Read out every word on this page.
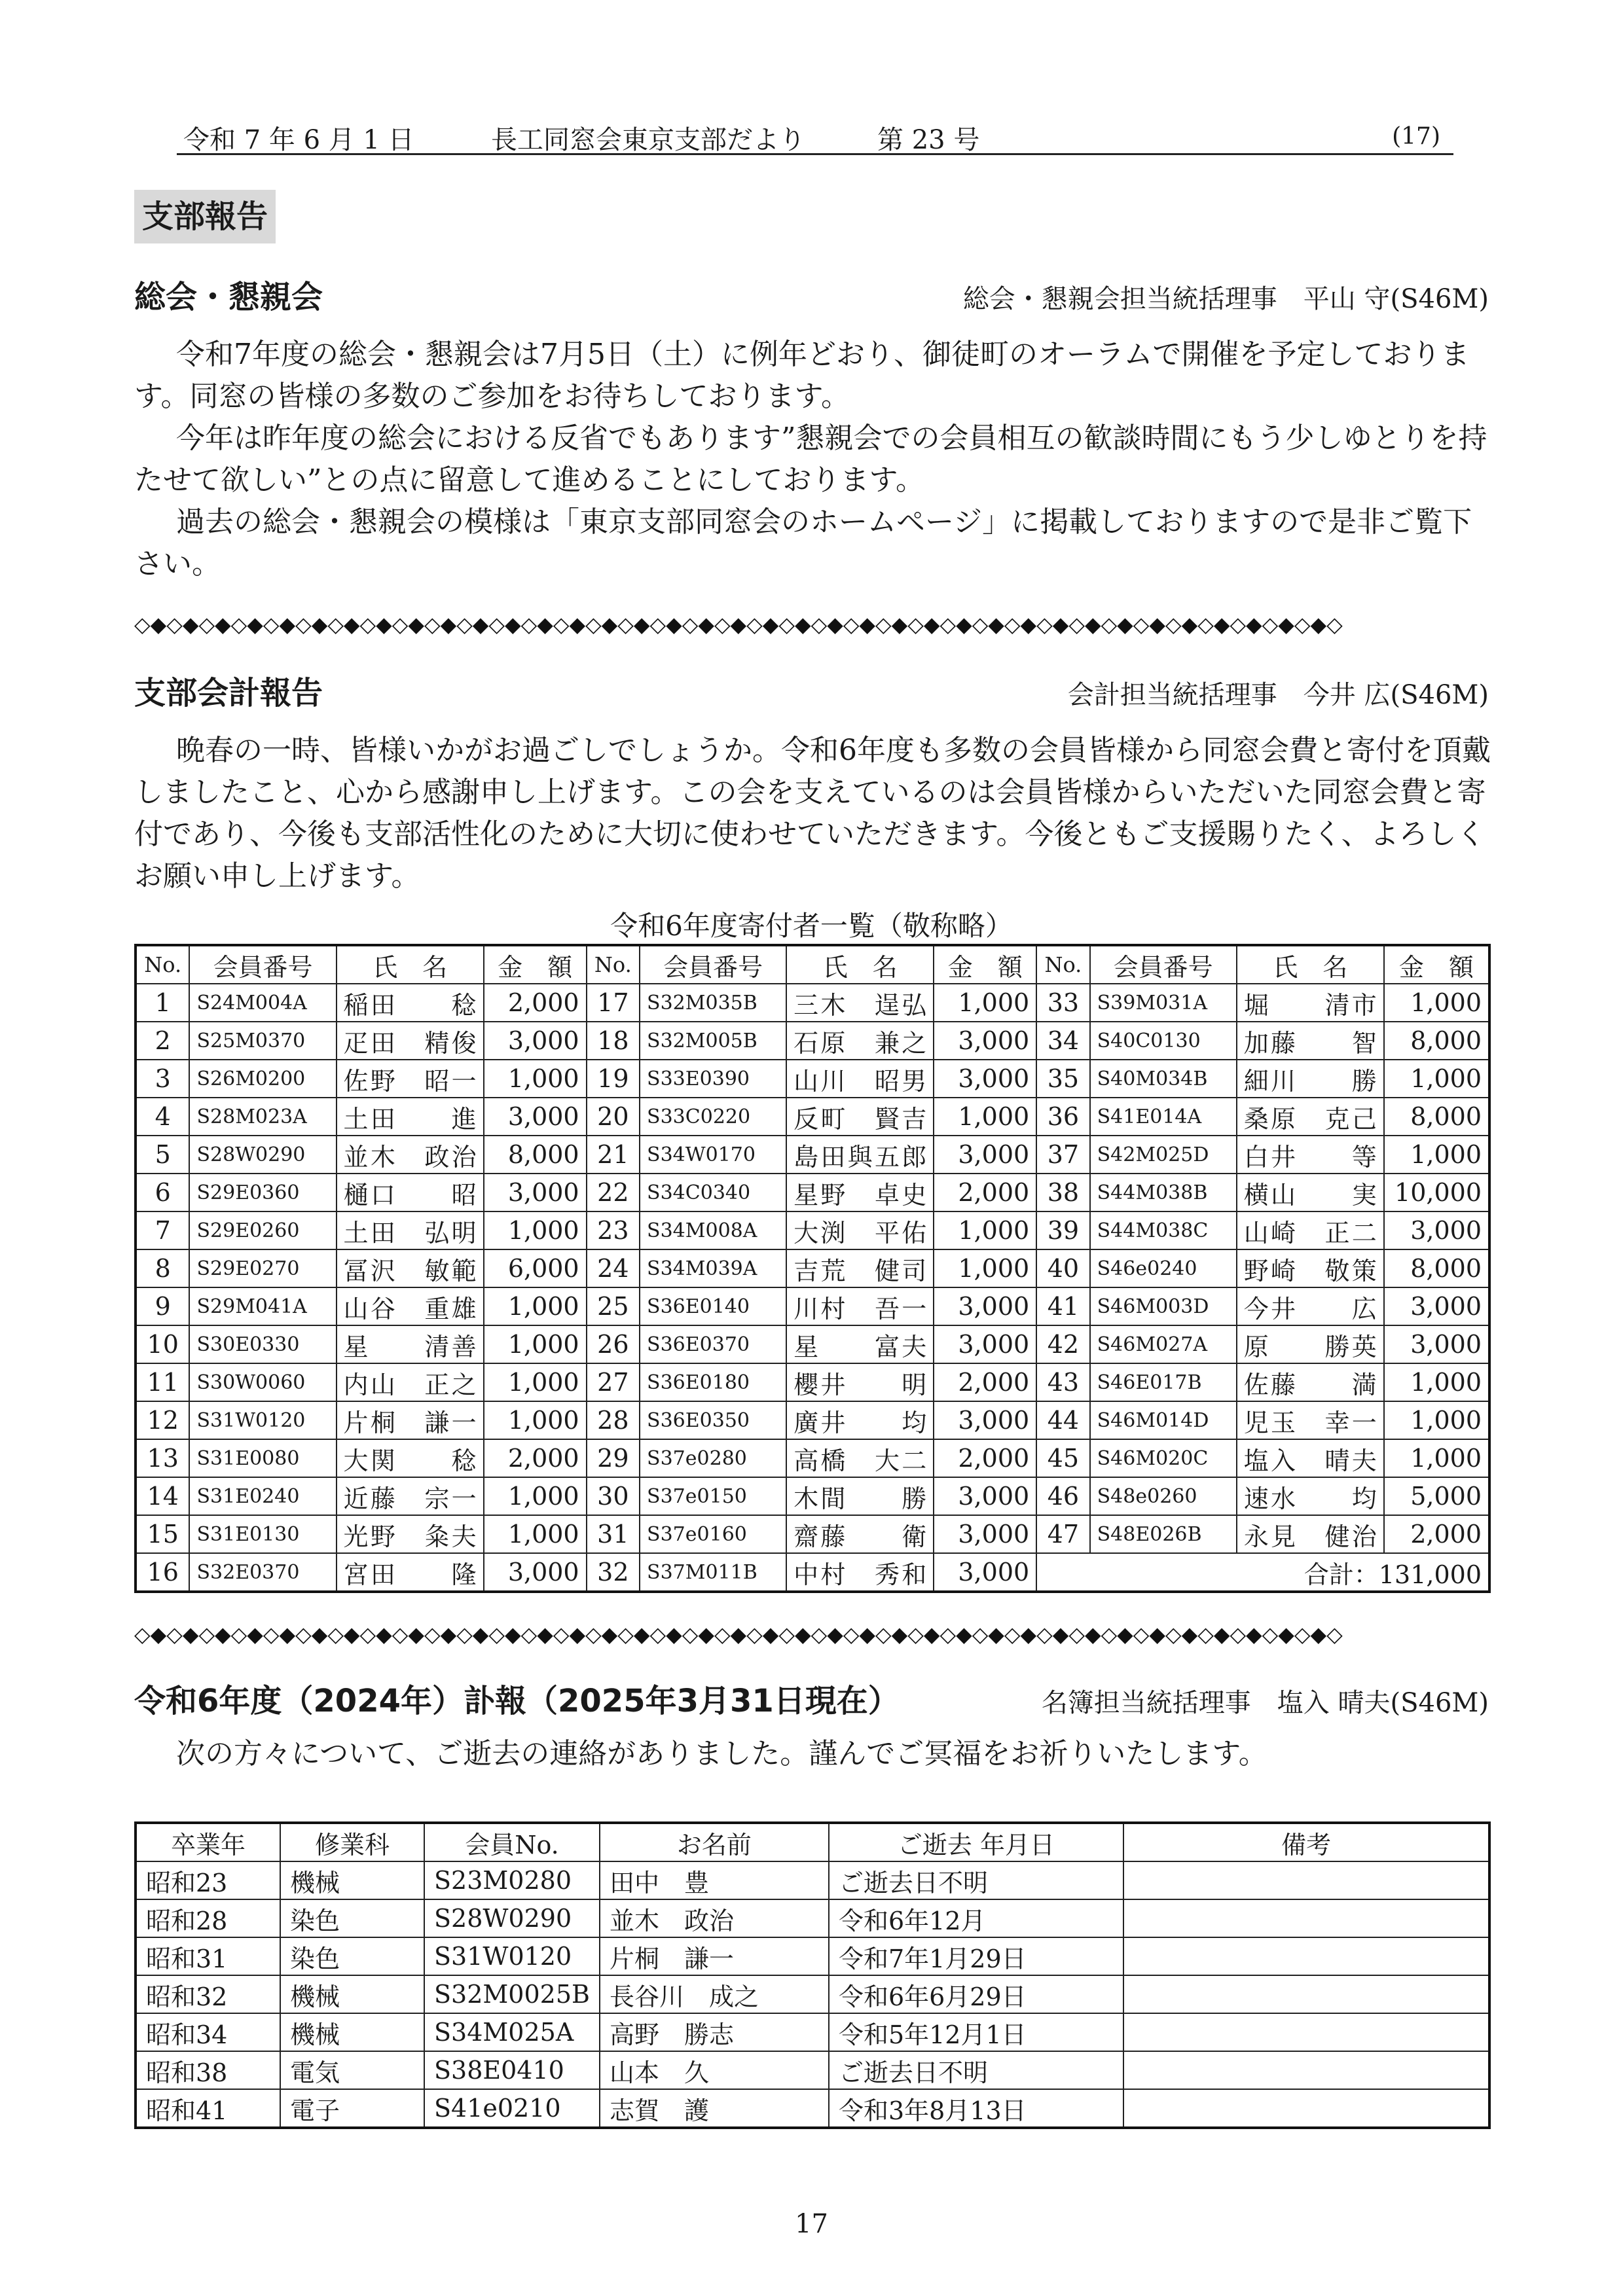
令和 7 年 6 月 1 日	長工同窓会東京支部だより	第 23 号	(17)
支部報告
総会・懇親会	総会・懇親会担当統括理事　平山 守(S46M)

令和7年度の総会・懇親会は7月5日（土）に例年どおり、御徒町のオーラムで開催を予定しております。同窓の皆様の多数のご参加をお待ちしております。

今年は昨年度の総会における反省でもあります”懇親会での会員相互の歓談時間にもう少しゆとりを持たせて欲しい”との点に留意して進めることにしております。

過去の総会・懇親会の模様は「東京支部同窓会のホームページ」に掲載しておりますので是非ご覧下さい。

◇◆◇◆◇◆◇◆◇◆◇◆◇◆◇◆◇◆◇◆◇◆◇◆◇◆◇◆◇◆◇◆◇◆◇◆◇◆◇◆◇◆◇◆◇◆◇◆◇◆◇◆◇◆◇◆◇◆◇◆◇◆◇◆◇◆◇◆◇◆◇◆◇◆◇
支部会計報告	会計担当統括理事　今井 広(S46M)

晩春の一時、皆様いかがお過ごしでしょうか。令和6年度も多数の会員皆様から同窓会費と寄付を頂戴しましたこと、心から感謝申し上げます。この会を支えているのは会員皆様からいただいた同窓会費と寄付であり、今後も支部活性化のために大切に使わせていただきます。今後ともご支援賜りたく、よろしくお願い申し上げます。

令和6年度寄付者一覧（敬称略）
No.	会員番号	氏　名	金　額	No.	会員番号	氏　名	金　額	No.	会員番号	氏　名	金　額
1	S24M004A	稲田　　稔	2,000	17	S32M035B	三木　逞弘	1,000	33	S39M031A	堀　　清市	1,000
2	S25M0370	疋田　精俊	3,000	18	S32M005B	石原　兼之	3,000	34	S40C0130	加藤　　智	8,000
3	S26M0200	佐野　昭一	1,000	19	S33E0390	山川　昭男	3,000	35	S40M034B	細川　　勝	1,000
4	S28M023A	土田　　進	3,000	20	S33C0220	反町　賢吉	1,000	36	S41E014A	桑原　克己	8,000
5	S28W0290	並木　政治	8,000	21	S34W0170	島田與五郎	3,000	37	S42M025D	白井　　等	1,000
6	S29E0360	樋口　　昭	3,000	22	S34C0340	星野　卓史	2,000	38	S44M038B	横山　　実	10,000
7	S29E0260	土田　弘明	1,000	23	S34M008A	大渕　平佑	1,000	39	S44M038C	山崎　正二	3,000
8	S29E0270	冨沢　敏範	6,000	24	S34M039A	吉荒　健司	1,000	40	S46e0240	野崎　敬策	8,000
9	S29M041A	山谷　重雄	1,000	25	S36E0140	川村　吾一	3,000	41	S46M003D	今井　　広	3,000
10	S30E0330	星　　清善	1,000	26	S36E0370	星　　富夫	3,000	42	S46M027A	原　　勝英	3,000
11	S30W0060	内山　正之	1,000	27	S36E0180	櫻井　　明	2,000	43	S46E017B	佐藤　　満	1,000
12	S31W0120	片桐　謙一	1,000	28	S36E0350	廣井　　均	3,000	44	S46M014D	児玉　幸一	1,000
13	S31E0080	大関　　稔	2,000	29	S37e0280	高橋　大二	2,000	45	S46M020C	塩入　晴夫	1,000
14	S31E0240	近藤　宗一	1,000	30	S37e0150	木間　　勝	3,000	46	S48e0260	速水　　均	5,000
15	S31E0130	光野　粂夫	1,000	31	S37e0160	齋藤　　衛	3,000	47	S48E026B	永見　健治	2,000
16	S32E0370	宮田　　隆	3,000	32	S37M011B	中村　秀和	3,000	合計：131,000			
◇◆◇◆◇◆◇◆◇◆◇◆◇◆◇◆◇◆◇◆◇◆◇◆◇◆◇◆◇◆◇◆◇◆◇◆◇◆◇◆◇◆◇◆◇◆◇◆◇◆◇◆◇◆◇◆◇◆◇◆◇◆◇◆◇◆◇◆◇◆◇◆◇◆◇
令和6年度（2024年）訃報（2025年3月31日現在）	名簿担当統括理事　塩入 晴夫(S46M)

次の方々について、ご逝去の連絡がありました。謹んでご冥福をお祈りいたします。

卒業年	修業科	会員No.	お名前	ご逝去 年月日	備考
昭和23	機械	S23M0280	田中　豊	ご逝去日不明	
昭和28	染色	S28W0290	並木　政治	令和6年12月	
昭和31	染色	S31W0120	片桐　謙一	令和7年1月29日	
昭和32	機械	S32M0025B	長谷川　成之	令和6年6月29日	
昭和34	機械	S34M025A	高野　勝志	令和5年12月1日	
昭和38	電気	S38E0410	山本　久	ご逝去日不明	
昭和41	電子	S41e0210	志賀　護	令和3年8月13日	
17
